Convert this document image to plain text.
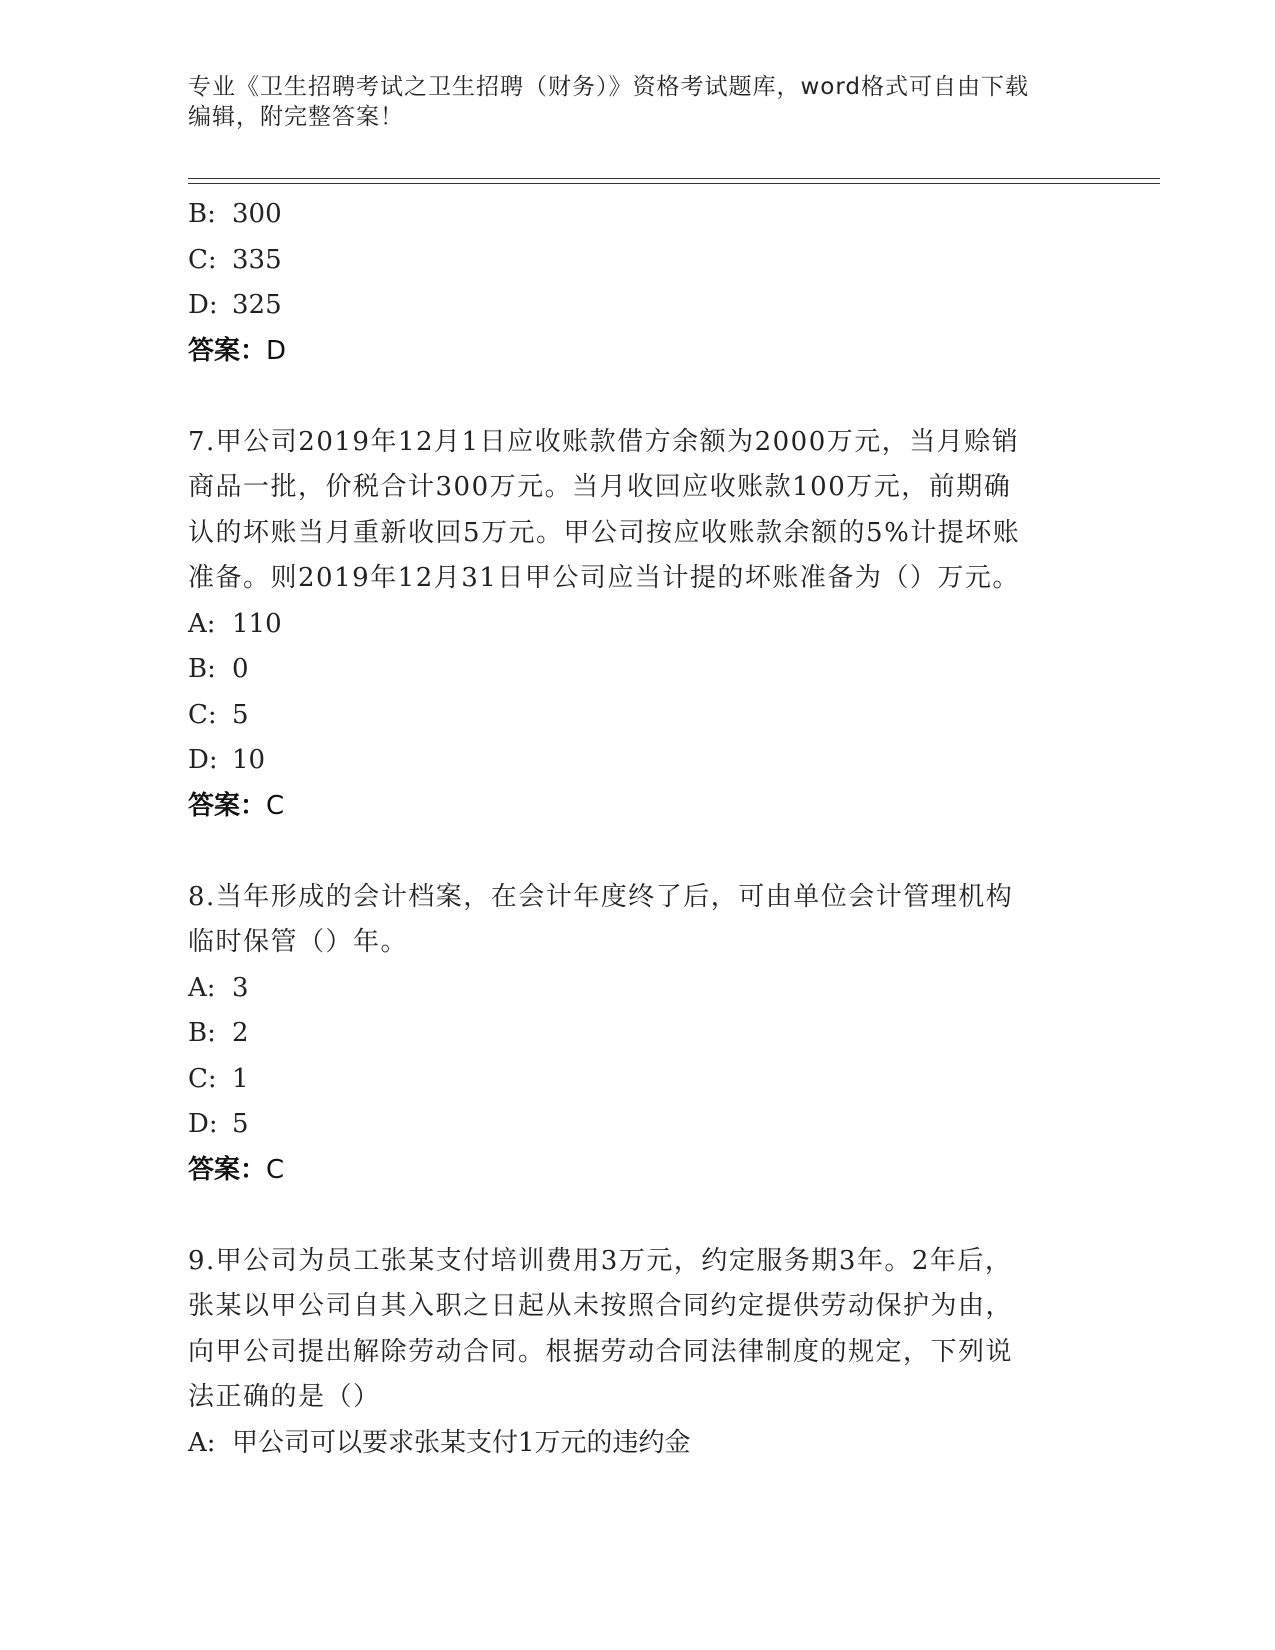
专业《卫生招聘考试之卫生招聘（财务）》资格考试题库，word格式可自由下载
编辑，附完整答案！
B: 300
C: 335
D: 325
答案：D
7.甲公司2019年12月1日应收账款借方余额为2000万元，当月赊销
商品一批，价税合计300万元。当月收回应收账款100万元，前期确
认的坏账当月重新收回5万元。甲公司按应收账款余额的5%计提坏账
准备。则2019年12月31日甲公司应当计提的坏账准备为（）万元。
A: 110
B: 0
C: 5
D: 10
答案：C
8.当年形成的会计档案，在会计年度终了后，可由单位会计管理机构
临时保管（）年。
A: 3
B: 2
C: 1
D: 5
答案：C
9.甲公司为员工张某支付培训费用3万元，约定服务期3年。2年后，
张某以甲公司自其入职之日起从未按照合同约定提供劳动保护为由，
向甲公司提出解除劳动合同。根据劳动合同法律制度的规定，下列说
法正确的是（）
A: 甲公司可以要求张某支付1万元的违约金
